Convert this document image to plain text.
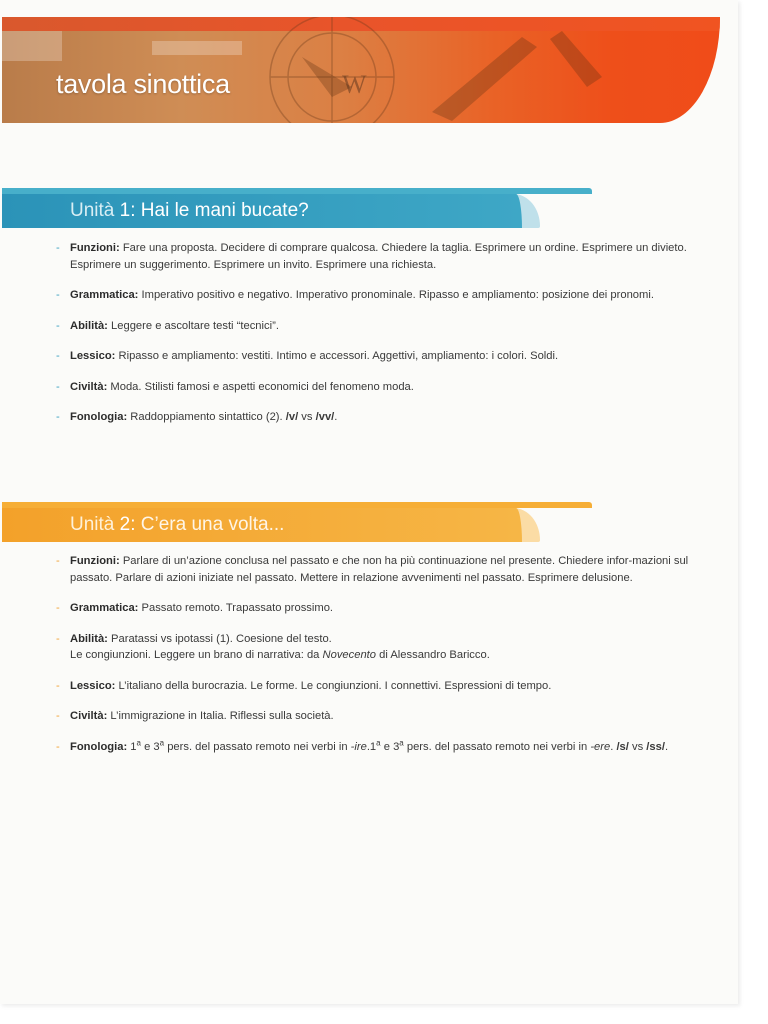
W
tavola sinottica
Unità 1: Hai le mani bucate?
- Funzioni: Fare una proposta. Decidere di comprare qualcosa. Chiedere la taglia. Esprimere un ordine. Esprimere un divieto. Esprimere un suggerimento. Esprimere un invito. Esprimere una richiesta.
- Grammatica: Imperativo positivo e negativo. Imperativo pronominale. Ripasso e ampliamento: posizione dei pronomi.
- Abilità: Leggere e ascoltare testi “tecnici”.
- Lessico: Ripasso e ampliamento: vestiti. Intimo e accessori. Aggettivi, ampliamento: i colori. Soldi.
- Civiltà: Moda. Stilisti famosi e aspetti economici del fenomeno moda.
- Fonologia: Raddoppiamento sintattico (2). /v/ vs /vv/.
Unità 2: C’era una volta...
- Funzioni: Parlare di un’azione conclusa nel passato e che non ha più continuazione nel presente. Chiedere infor-mazioni sul passato. Parlare di azioni iniziate nel passato. Mettere in relazione avvenimenti nel passato. Esprimere delusione.
- Grammatica: Passato remoto. Trapassato prossimo.
- Abilità: Paratassi vs ipotassi (1). Coesione del testo.
Le congiunzioni. Leggere un brano di narrativa: da Novecento di Alessandro Baricco.
- Lessico: L’italiano della burocrazia. Le forme. Le congiunzioni. I connettivi. Espressioni di tempo.
- Civiltà: L’immigrazione in Italia. Riflessi sulla società.
- Fonologia: 1$^a$ e 3$^a$ pers. del passato remoto nei verbi in -ire.1$^a$ e 3$^a$ pers. del passato remoto nei verbi in -ere. /s/ vs /ss/.
